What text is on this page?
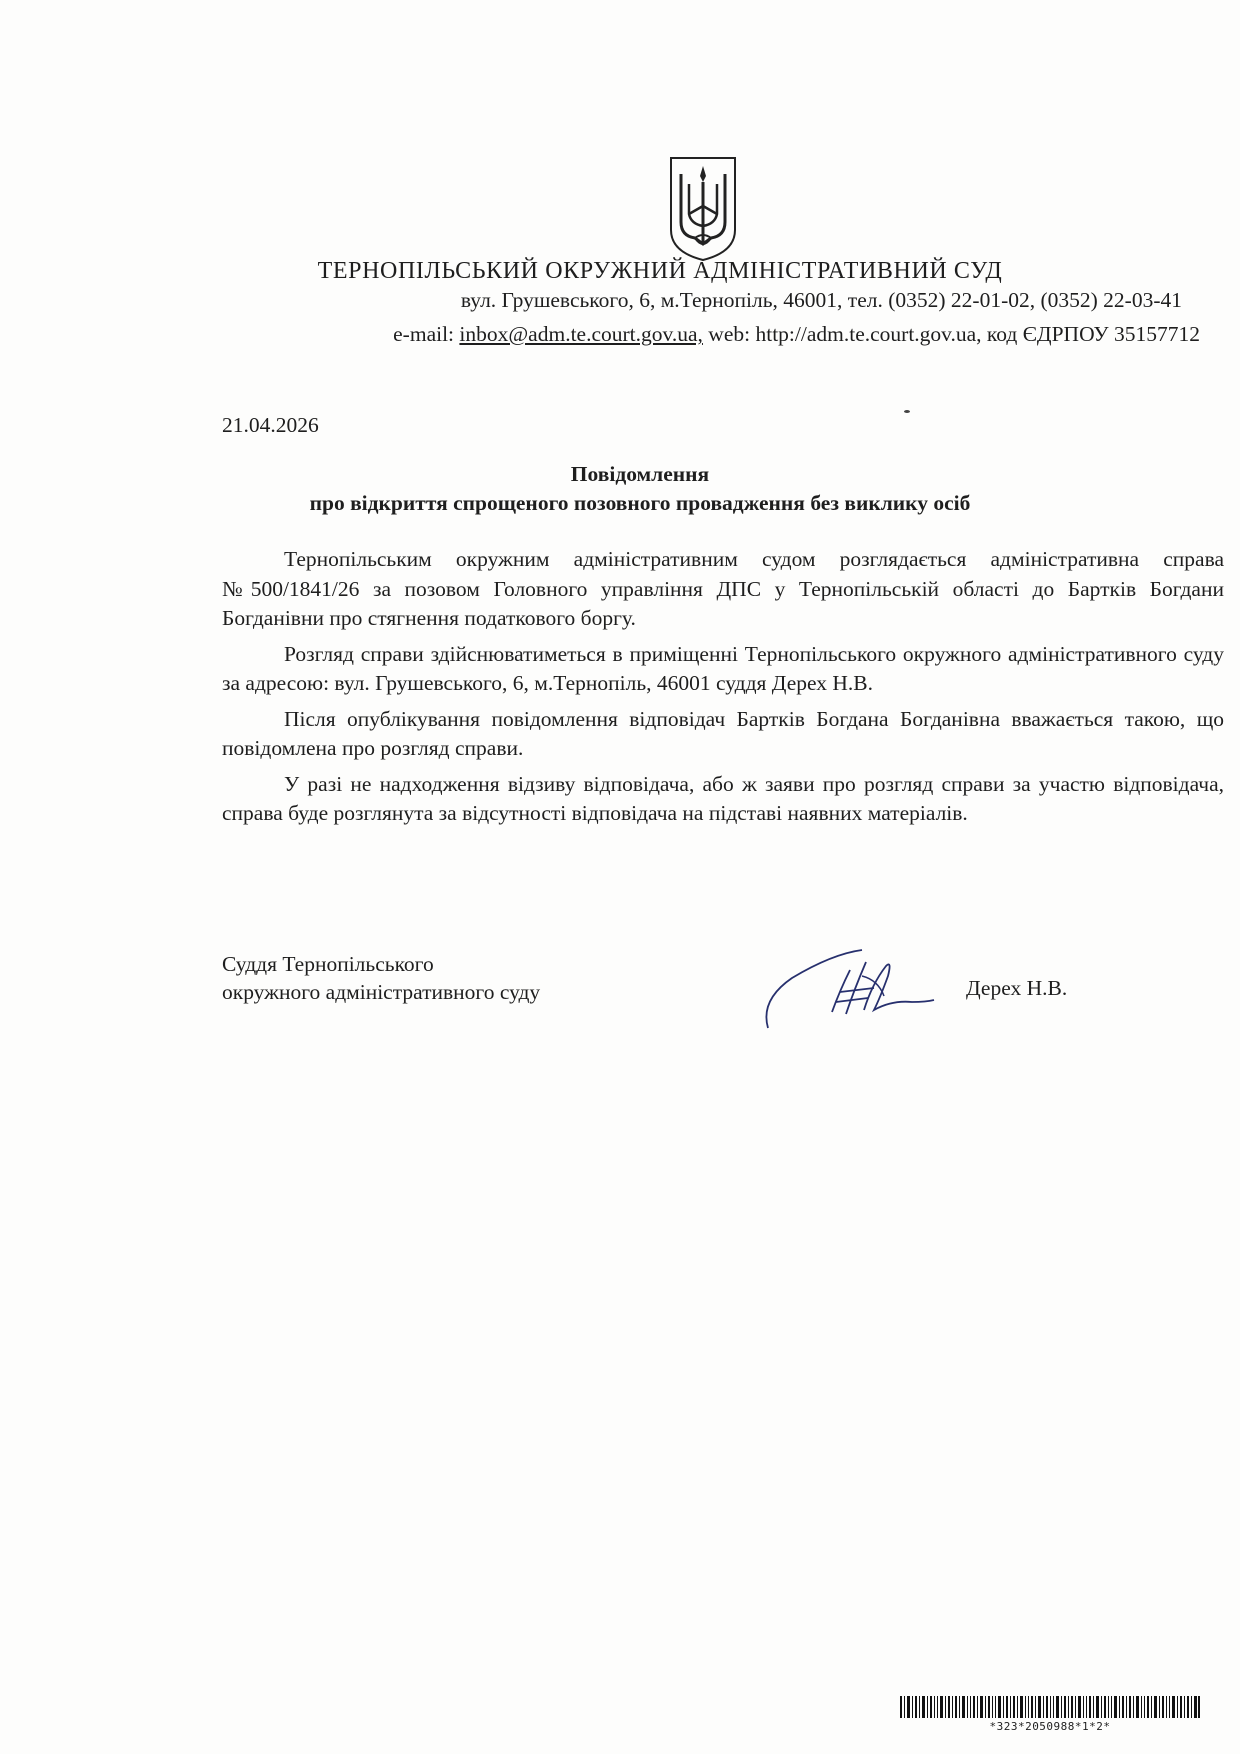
ТЕРНОПІЛЬСЬКИЙ ОКРУЖНИЙ АДМІНІСТРАТИВНИЙ СУД
вул. Грушевського, 6, м.Тернопіль, 46001, тел. (0352) 22-01-02, (0352) 22-03-41
e-mail: inbox@adm.te.court.gov.ua, web: http://adm.te.court.gov.ua, код ЄДРПОУ 35157712
21.04.2026
Повідомлення
про відкриття спрощеного позовного провадження без виклику осіб

Тернопільським окружним адміністративним судом розглядається адміністративна справа №500/1841/26 за позовом Головного управління ДПС у Тернопільській області до Бартків Богдани Богданівни про стягнення податкового боргу.

Розгляд справи здійснюватиметься в приміщенні Тернопільського окружного адміністративного суду за адресою: вул. Грушевського, 6, м.Тернопіль, 46001 суддя Дерех Н.В.

Після опублікування повідомлення відповідач Бартків Богдана Богданівна вважається такою, що повідомлена про розгляд справи.

У разі не надходження відзиву відповідача, або ж заяви про розгляд справи за участю відповідача, справа буде розглянута за відсутності відповідача на підставі наявних матеріалів.

Суддя Тернопільського
окружного адміністративного суду	Дерех Н.В.
*323*2050988*1*2*
